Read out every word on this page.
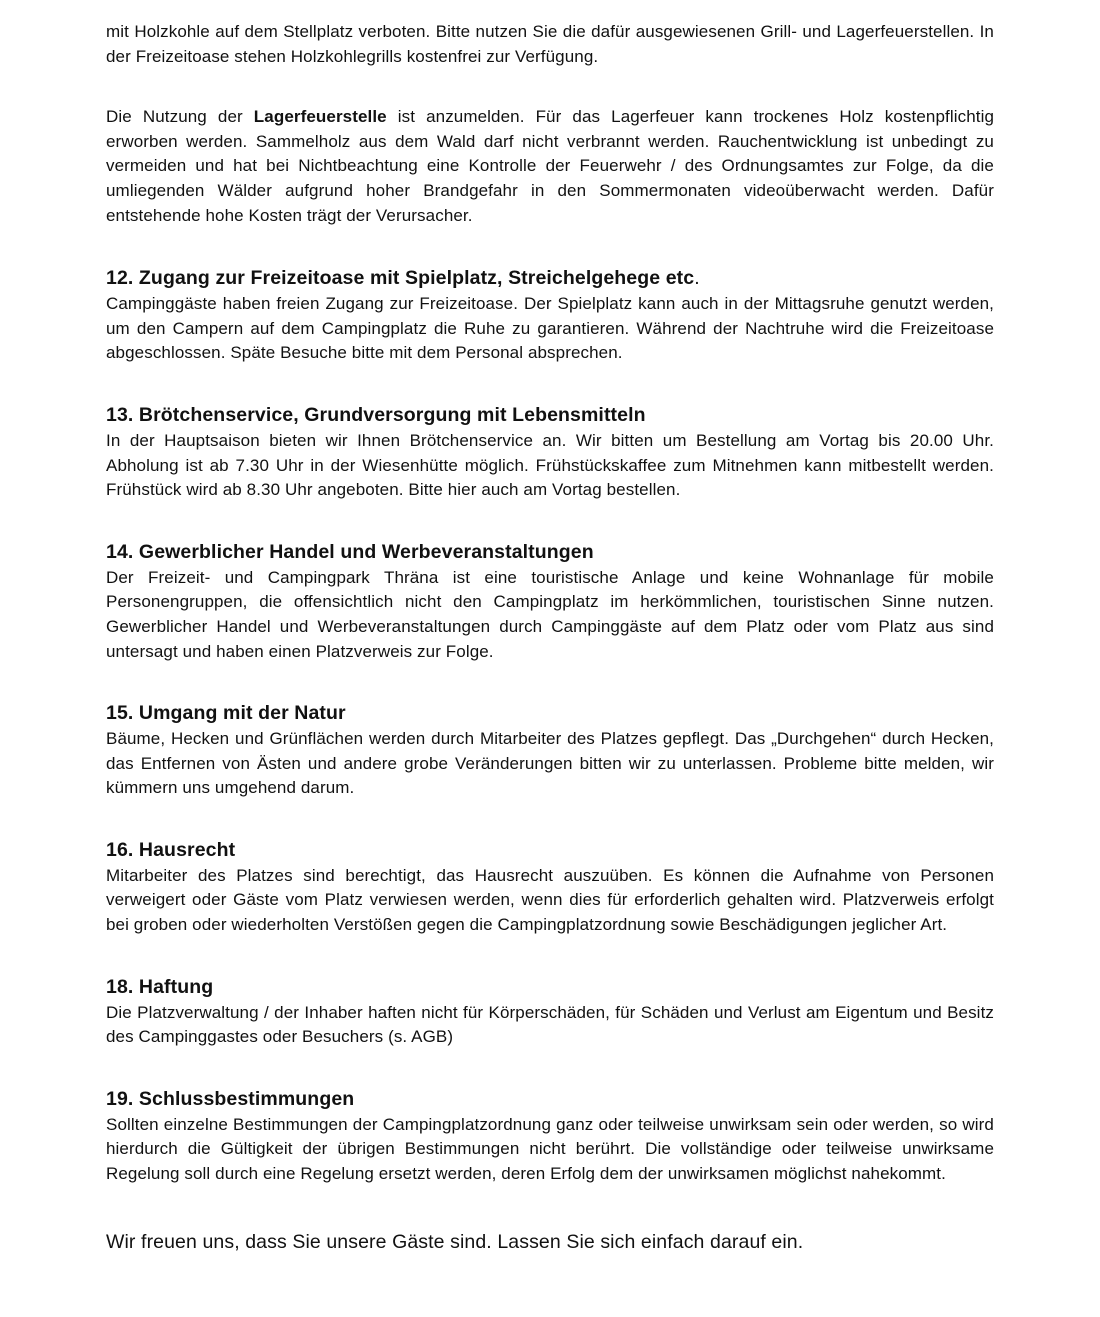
mit Holzkohle auf dem Stellplatz verboten. Bitte nutzen Sie die dafür ausgewiesenen Grill- und Lagerfeuerstellen. In der Freizeitoase stehen Holzkohlegrills kostenfrei zur Verfügung.

Die Nutzung der Lagerfeuerstelle ist anzumelden. Für das Lagerfeuer kann trockenes Holz kostenpflichtig erworben werden. Sammelholz aus dem Wald darf nicht verbrannt werden. Rauchentwicklung ist unbedingt zu vermeiden und hat bei Nichtbeachtung eine Kontrolle der Feuerwehr / des Ordnungsamtes zur Folge, da die umliegenden Wälder aufgrund hoher Brandgefahr in den Sommermonaten videoüberwacht werden. Dafür entstehende hohe Kosten trägt der Verursacher.

12. Zugang zur Freizeitoase mit Spielplatz, Streichelgehege etc.

Campinggäste haben freien Zugang zur Freizeitoase. Der Spielplatz kann auch in der Mittagsruhe genutzt werden, um den Campern auf dem Campingplatz die Ruhe zu garantieren. Während der Nachtruhe wird die Freizeitoase abgeschlossen. Späte Besuche bitte mit dem Personal absprechen.

13. Brötchenservice, Grundversorgung mit Lebensmitteln

In der Hauptsaison bieten wir Ihnen Brötchenservice an. Wir bitten um Bestellung am Vortag bis 20.00 Uhr. Abholung ist ab 7.30 Uhr in der Wiesenhütte möglich. Frühstückskaffee zum Mitnehmen kann mitbestellt werden. Frühstück wird ab 8.30 Uhr angeboten. Bitte hier auch am Vortag bestellen.

14. Gewerblicher Handel und Werbeveranstaltungen

Der Freizeit- und Campingpark Thräna ist eine touristische Anlage und keine Wohnanlage für mobile Personengruppen, die offensichtlich nicht den Campingplatz im herkömmlichen, touristischen Sinne nutzen. Gewerblicher Handel und Werbeveranstaltungen durch Campinggäste auf dem Platz oder vom Platz aus sind untersagt und haben einen Platzverweis zur Folge.

15. Umgang mit der Natur

Bäume, Hecken und Grünflächen werden durch Mitarbeiter des Platzes gepflegt. Das „Durchgehen“ durch Hecken, das Entfernen von Ästen und andere grobe Veränderungen bitten wir zu unterlassen. Probleme bitte melden, wir kümmern uns umgehend darum.

16. Hausrecht

Mitarbeiter des Platzes sind berechtigt, das Hausrecht auszuüben. Es können die Aufnahme von Personen verweigert oder Gäste vom Platz verwiesen werden, wenn dies für erforderlich gehalten wird. Platzverweis erfolgt bei groben oder wiederholten Verstößen gegen die Campingplatzordnung sowie Beschädigungen jeglicher Art.

18. Haftung

Die Platzverwaltung / der Inhaber haften nicht für Körperschäden, für Schäden und Verlust am Eigentum und Besitz des Campinggastes oder Besuchers (s. AGB)

19. Schlussbestimmungen

Sollten einzelne Bestimmungen der Campingplatzordnung ganz oder teilweise unwirksam sein oder werden, so wird hierdurch die Gültigkeit der übrigen Bestimmungen nicht berührt. Die vollständige oder teilweise unwirksame Regelung soll durch eine Regelung ersetzt werden, deren Erfolg dem der unwirksamen möglichst nahekommt.

Wir freuen uns, dass Sie unsere Gäste sind. Lassen Sie sich einfach darauf ein.
